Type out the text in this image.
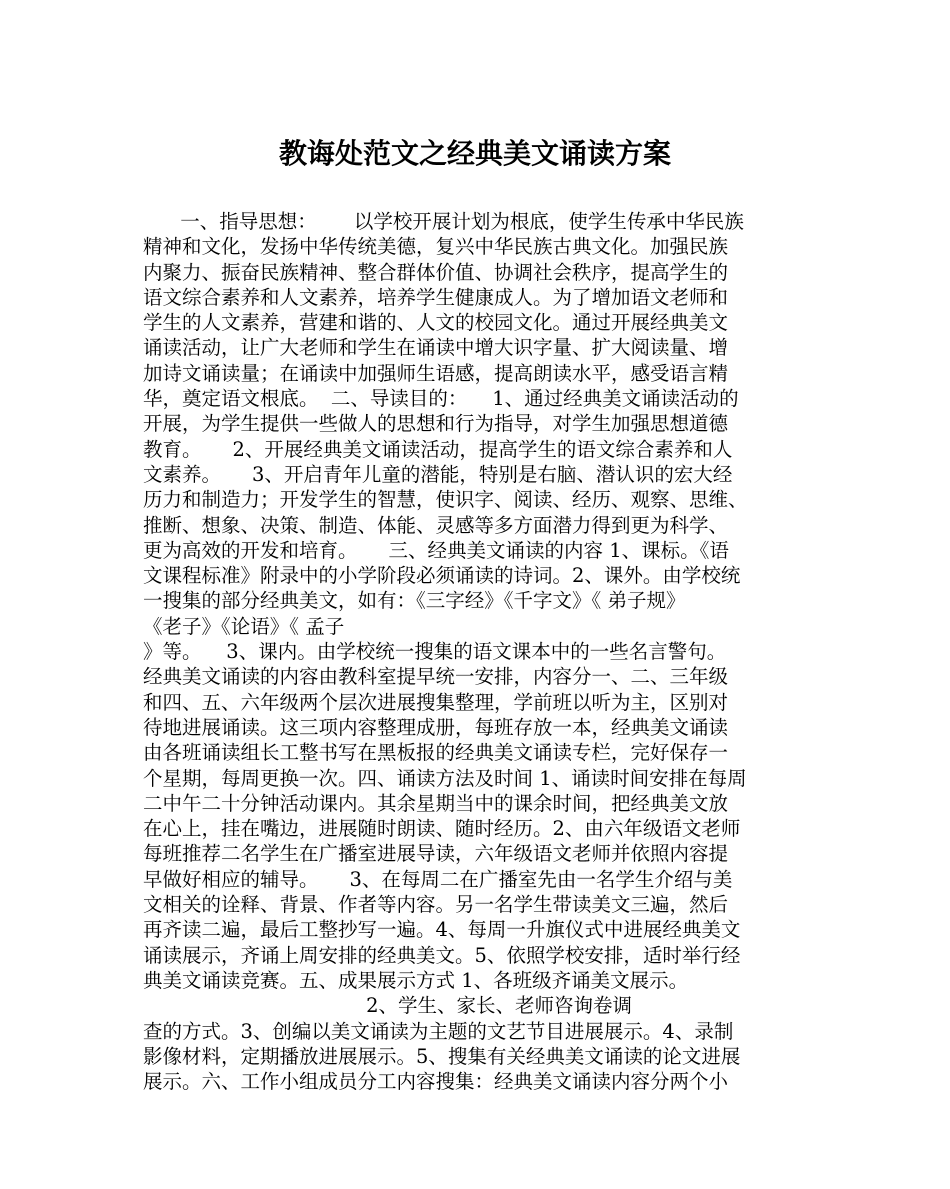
教诲处范文之经典美文诵读方案
一、指导思想：      以学校开展计划为根底，使学生传承中华民族
精神和文化，发扬中华传统美德，复兴中华民族古典文化。加强民族
内聚力、振奋民族精神、整合群体价值、协调社会秩序，提高学生的
语文综合素养和人文素养，培养学生健康成人。为了增加语文老师和
学生的人文素养，营建和谐的、人文的校园文化。通过开展经典美文
诵读活动，让广大老师和学生在诵读中增大识字量、扩大阅读量、增
加诗文诵读量；在诵读中加强师生语感，提高朗读水平，感受语言精
华，奠定语文根底。  二、导读目的：    1、通过经典美文诵读活动的
开展，为学生提供一些做人的思想和行为指导，对学生加强思想道德
教育。     2、开展经典美文诵读活动，提高学生的语文综合素养和人
文素养。     3、开启青年儿童的潜能，特别是右脑、潜认识的宏大经
历力和制造力；开发学生的智慧，使识字、阅读、经历、观察、思维、
推断、想象、决策、制造、体能、灵感等多方面潜力得到更为科学、
更为高效的开发和培育。     三、经典美文诵读的内容 1、课标。《语
文课程标准》附录中的小学阶段必须诵读的诗词。2、课外。由学校统
一搜集的部分经典美文，如有：《三字经》《千字文》《 弟子规》
《老子》《论语》《 孟子
》等。    3、课内。由学校统一搜集的语文课本中的一些名言警句。
经典美文诵读的内容由教科室提早统一安排，内容分一、二、三年级
和四、五、六年级两个层次进展搜集整理，学前班以听为主，区别对
待地进展诵读。这三项内容整理成册，每班存放一本，经典美文诵读
由各班诵读组长工整书写在黑板报的经典美文诵读专栏，完好保存一
个星期，每周更换一次。四、诵读方法及时间 1、诵读时间安排在每周
二中午二十分钟活动课内。其余星期当中的课余时间，把经典美文放
在心上，挂在嘴边，进展随时朗读、随时经历。2、由六年级语文老师
每班推荐二名学生在广播室进展导读，六年级语文老师并依照内容提
早做好相应的辅导。     3、在每周二在广播室先由一名学生介绍与美
文相关的诠释、背景、作者等内容。另一名学生带读美文三遍，然后
再齐读二遍，最后工整抄写一遍。4、每周一升旗仪式中进展经典美文
诵读展示，齐诵上周安排的经典美文。5、依照学校安排，适时举行经
典美文诵读竞赛。五、成果展示方式 1、各班级齐诵美文展示。
2、学生、家长、老师咨询卷调
查的方式。3、创编以美文诵读为主题的文艺节目进展展示。4、录制
影像材料，定期播放进展展示。5、搜集有关经典美文诵读的论文进展
展示。六、工作小组成员分工内容搜集：经典美文诵读内容分两个小
